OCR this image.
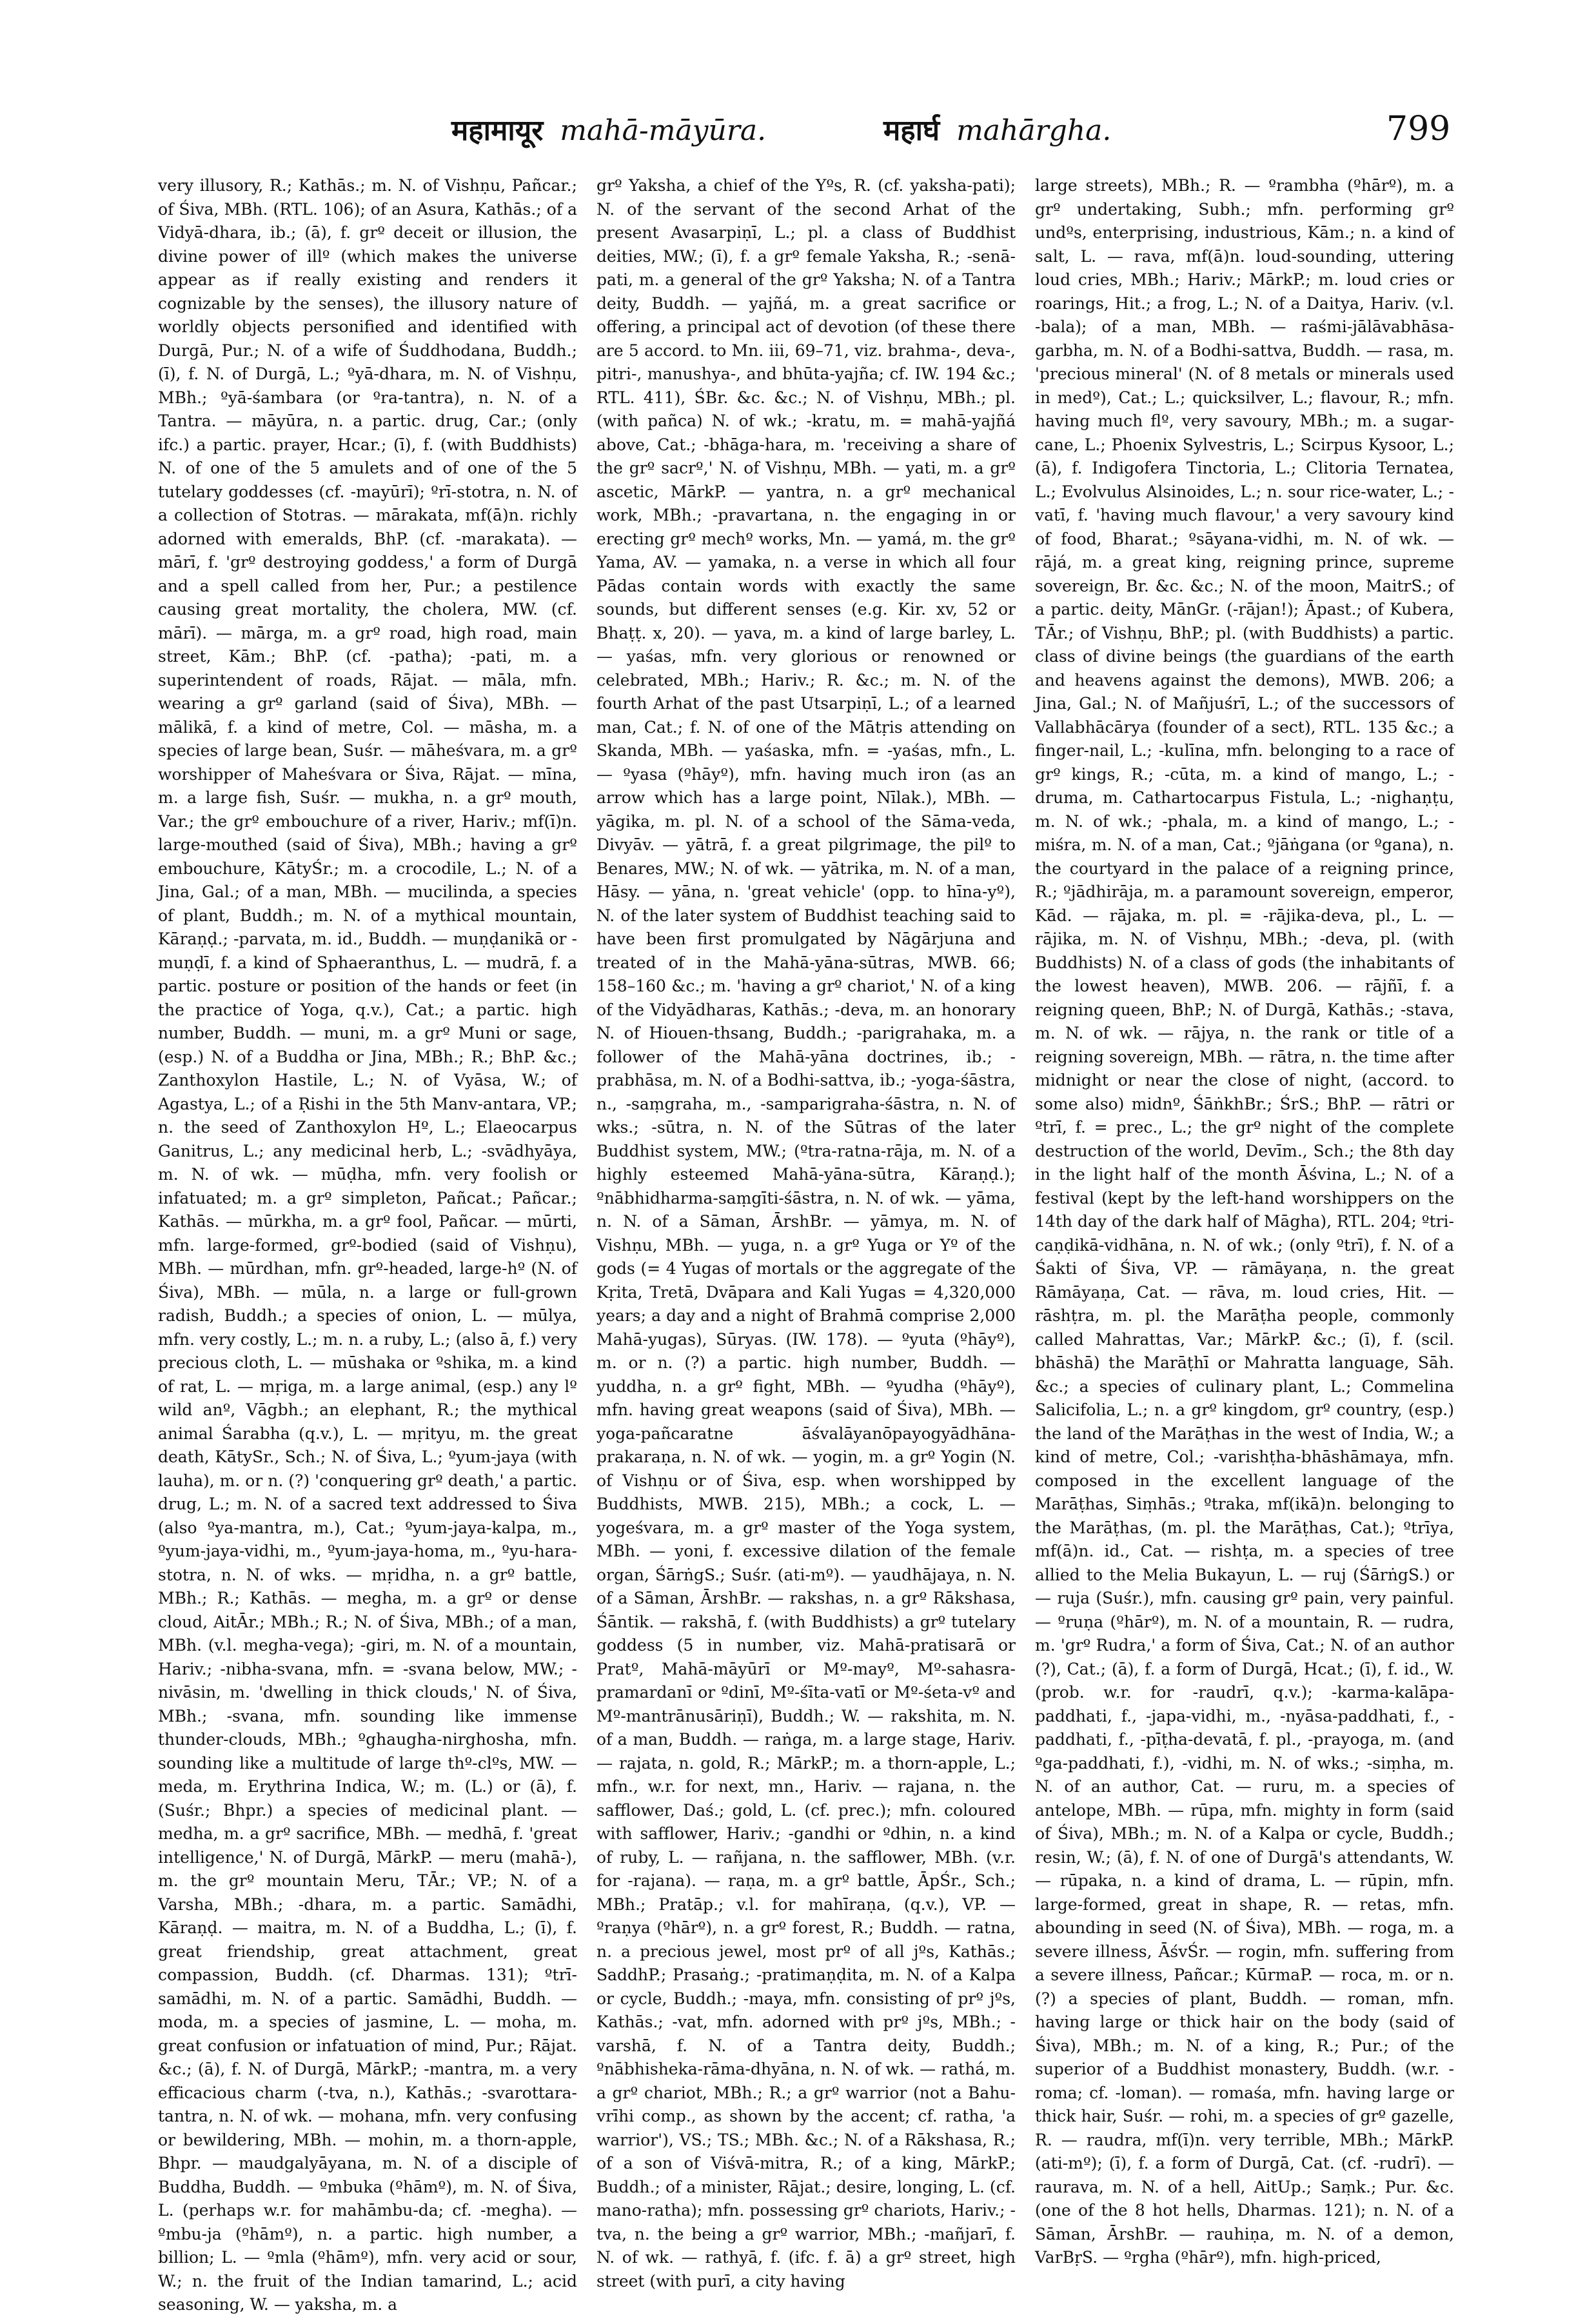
महामायूर mahā-māyūra.	महार्घ mahārgha.	799

very illusory, R.; Kathās.; m. N. of Vishṇu, Pañcar.; of Śiva, MBh. (RTL. 106); of an Asura, Kathās.; of a Vidyā-dhara, ib.; (ā), f. grº deceit or illusion, the divine power of illº (which makes the universe appear as if really existing and renders it cognizable by the senses), the illusory nature of worldly objects personified and identified with Durgā, Pur.; N. of a wife of Śuddhodana, Buddh.; (ī), f. N. of Durgā, L.; ºyā-dhara, m. N. of Vishṇu, MBh.; ºyā-śambara (or ºra-tantra), n. N. of a Tantra. — māyūra, n. a partic. drug, Car.; (only ifc.) a partic. prayer, Hcar.; (ī), f. (with Buddhists) N. of one of the 5 amulets and of one of the 5 tutelary goddesses (cf. -mayūrī); ºrī-stotra, n. N. of a collection of Stotras. — mārakata, mf(ā)n. richly adorned with emeralds, BhP. (cf. -marakata). — mārī, f. 'grº destroying goddess,' a form of Durgā and a spell called from her, Pur.; a pestilence causing great mortality, the cholera, MW. (cf. mārī). — mārga, m. a grº road, high road, main street, Kām.; BhP. (cf. -patha); -pati, m. a superintendent of roads, Rājat. — māla, mfn. wearing a grº garland (said of Śiva), MBh. — mālikā, f. a kind of metre, Col. — māsha, m. a species of large bean, Suśr. — māheśvara, m. a grº worshipper of Maheśvara or Śiva, Rājat. — mīna, m. a large fish, Suśr. — mukha, n. a grº mouth, Var.; the grº embouchure of a river, Hariv.; mf(ī)n. large-mouthed (said of Śiva), MBh.; having a grº embouchure, KātyŚr.; m. a crocodile, L.; N. of a Jina, Gal.; of a man, MBh. — mucilinda, a species of plant, Buddh.; m. N. of a mythical mountain, Kāraṇḍ.; -parvata, m. id., Buddh. — muṇḍanikā or -muṇḍī, f. a kind of Sphaeranthus, L. — mudrā, f. a partic. posture or position of the hands or feet (in the practice of Yoga, q.v.), Cat.; a partic. high number, Buddh. — muni, m. a grº Muni or sage, (esp.) N. of a Buddha or Jina, MBh.; R.; BhP. &c.; Zanthoxylon Hastile, L.; N. of Vyāsa, W.; of Agastya, L.; of a Ṛishi in the 5th Manv-antara, VP.; n. the seed of Zanthoxylon Hº, L.; Elaeocarpus Ganitrus, L.; any medicinal herb, L.; -svādhyāya, m. N. of wk. — mūḍha, mfn. very foolish or infatuated; m. a grº simpleton, Pañcat.; Pañcar.; Kathās. — mūrkha, m. a grº fool, Pañcar. — mūrti, mfn. large-formed, grº-bodied (said of Vishṇu), MBh. — mūrdhan, mfn. grº-headed, large-hº (N. of Śiva), MBh. — mūla, n. a large or full-grown radish, Buddh.; a species of onion, L. — mūlya, mfn. very costly, L.; m. n. a ruby, L.; (also ā, f.) very precious cloth, L. — mūshaka or ºshika, m. a kind of rat, L. — mṛiga, m. a large animal, (esp.) any lº wild anº, Vāgbh.; an elephant, R.; the mythical animal Śarabha (q.v.), L. — mṛityu, m. the great death, KātySr., Sch.; N. of Śiva, L.; ºyum-jaya (with lauha), m. or n. (?) 'conquering grº death,' a partic. drug, L.; m. N. of a sacred text addressed to Śiva (also ºya-mantra, m.), Cat.; ºyum-jaya-kalpa, m., ºyum-jaya-vidhi, m., ºyum-jaya-homa, m., ºyu-hara-stotra, n. N. of wks. — mṛidha, n. a grº battle, MBh.; R.; Kathās. — megha, m. a grº or dense cloud, AitĀr.; MBh.; R.; N. of Śiva, MBh.; of a man, MBh. (v.l. megha-vega); -giri, m. N. of a mountain, Hariv.; -nibha-svana, mfn. = -svana below, MW.; -nivāsin, m. 'dwelling in thick clouds,' N. of Śiva, MBh.; -svana, mfn. sounding like immense thunder-clouds, MBh.; ºghaugha-nirghosha, mfn. sounding like a multitude of large thº-clºs, MW. — meda, m. Erythrina Indica, W.; m. (L.) or (ā), f. (Suśr.; Bhpr.) a species of medicinal plant. — medha, m. a grº sacrifice, MBh. — medhā, f. 'great intelligence,' N. of Durgā, MārkP. — meru (mahā-), m. the grº mountain Meru, TĀr.; VP.; N. of a Varsha, MBh.; -dhara, m. a partic. Samādhi, Kāraṇḍ. — maitra, m. N. of a Buddha, L.; (ī), f. great friendship, great attachment, great compassion, Buddh. (cf. Dharmas. 131); ºtrī-samādhi, m. N. of a partic. Samādhi, Buddh. — moda, m. a species of jasmine, L. — moha, m. great confusion or infatuation of mind, Pur.; Rājat. &c.; (ā), f. N. of Durgā, MārkP.; -mantra, m. a very efficacious charm (-tva, n.), Kathās.; -svarottara-tantra, n. N. of wk. — mohana, mfn. very confusing or bewildering, MBh. — mohin, m. a thorn-apple, Bhpr. — maudgalyāyana, m. N. of a disciple of Buddha, Buddh. — ºmbuka (ºhāmº), m. N. of Śiva, L. (perhaps w.r. for mahāmbu-da; cf. -megha). — ºmbu-ja (ºhāmº), n. a partic. high number, a billion; L. — ºmla (ºhāmº), mfn. very acid or sour, W.; n. the fruit of the Indian tamarind, L.; acid seasoning, W. — yaksha, m. a

grº Yaksha, a chief of the Yºs, R. (cf. yaksha-pati); N. of the servant of the second Arhat of the present Avasarpiṇī, L.; pl. a class of Buddhist deities, MW.; (ī), f. a grº female Yaksha, R.; -senā-pati, m. a general of the grº Yaksha; N. of a Tantra deity, Buddh. — yajñá, m. a great sacrifice or offering, a principal act of devotion (of these there are 5 accord. to Mn. iii, 69–71, viz. brahma-, deva-, pitri-, manushya-, and bhūta-yajña; cf. IW. 194 &c.; RTL. 411), ŚBr. &c. &c.; N. of Vishṇu, MBh.; pl. (with pañca) N. of wk.; -kratu, m. = mahā-yajñá above, Cat.; -bhāga-hara, m. 'receiving a share of the grº sacrº,' N. of Vishṇu, MBh. — yati, m. a grº ascetic, MārkP. — yantra, n. a grº mechanical work, MBh.; -pravartana, n. the engaging in or erecting grº mechº works, Mn. — yamá, m. the grº Yama, AV. — yamaka, n. a verse in which all four Pādas contain words with exactly the same sounds, but different senses (e.g. Kir. xv, 52 or Bhaṭṭ. x, 20). — yava, m. a kind of large barley, L. — yaśas, mfn. very glorious or renowned or celebrated, MBh.; Hariv.; R. &c.; m. N. of the fourth Arhat of the past Utsarpiṇī, L.; of a learned man, Cat.; f. N. of one of the Mātṛis attending on Skanda, MBh. — yaśaska, mfn. = -yaśas, mfn., L. — ºyasa (ºhāyº), mfn. having much iron (as an arrow which has a large point, Nīlak.), MBh. — yāgika, m. pl. N. of a school of the Sāma-veda, Divyāv. — yātrā, f. a great pilgrimage, the pilº to Benares, MW.; N. of wk. — yātrika, m. N. of a man, Hāsy. — yāna, n. 'great vehicle' (opp. to hīna-yº), N. of the later system of Buddhist teaching said to have been first promulgated by Nāgārjuna and treated of in the Mahā-yāna-sūtras, MWB. 66; 158–160 &c.; m. 'having a grº chariot,' N. of a king of the Vidyādharas, Kathās.; -deva, m. an honorary N. of Hiouen-thsang, Buddh.; -parigrahaka, m. a follower of the Mahā-yāna doctrines, ib.; -prabhāsa, m. N. of a Bodhi-sattva, ib.; -yoga-śāstra, n., -saṃgraha, m., -samparigraha-śāstra, n. N. of wks.; -sūtra, n. N. of the Sūtras of the later Buddhist system, MW.; (ºtra-ratna-rāja, m. N. of a highly esteemed Mahā-yāna-sūtra, Kāraṇḍ.); ºnābhidharma-saṃgīti-śāstra, n. N. of wk. — yāma, n. N. of a Sāman, ĀrshBr. — yāmya, m. N. of Vishṇu, MBh. — yuga, n. a grº Yuga or Yº of the gods (= 4 Yugas of mortals or the aggregate of the Kṛita, Tretā, Dvāpara and Kali Yugas = 4,320,000 years; a day and a night of Brahmā comprise 2,000 Mahā-yugas), Sūryas. (IW. 178). — ºyuta (ºhāyº), m. or n. (?) a partic. high number, Buddh. — yuddha, n. a grº fight, MBh. — ºyudha (ºhāyº), mfn. having great weapons (said of Śiva), MBh. — yoga-pañcaratne āśvalāyanōpayogyādhāna-prakaraṇa, n. N. of wk. — yogin, m. a grº Yogin (N. of Vishṇu or of Śiva, esp. when worshipped by Buddhists, MWB. 215), MBh.; a cock, L. — yogeśvara, m. a grº master of the Yoga system, MBh. — yoni, f. excessive dilation of the female organ, ŚārṅgS.; Suśr. (ati-mº). — yaudhājaya, n. N. of a Sāman, ĀrshBr. — rakshas, n. a grº Rākshasa, Śāntik. — rakshā, f. (with Buddhists) a grº tutelary goddess (5 in number, viz. Mahā-pratisarā or Pratº, Mahā-māyūrī or Mº-mayº, Mº-sahasra-pramardanī or ºdinī, Mº-śīta-vatī or Mº-śeta-vº and Mº-mantrānusāriṇī), Buddh.; W. — rakshita, m. N. of a man, Buddh. — raṅga, m. a large stage, Hariv. — rajata, n. gold, R.; MārkP.; m. a thorn-apple, L.; mfn., w.r. for next, mn., Hariv. — rajana, n. the safflower, Daś.; gold, L. (cf. prec.); mfn. coloured with safflower, Hariv.; -gandhi or ºdhin, n. a kind of ruby, L. — rañjana, n. the safflower, MBh. (v.r. for -rajana). — raṇa, m. a grº battle, ĀpŚr., Sch.; MBh.; Pratāp.; v.l. for mahīraṇa, (q.v.), VP. — ºraṇya (ºhārº), n. a grº forest, R.; Buddh. — ratna, n. a precious jewel, most prº of all jºs, Kathās.; SaddhP.; Prasaṅg.; -pratimaṇḍita, m. N. of a Kalpa or cycle, Buddh.; -maya, mfn. consisting of prº jºs, Kathās.; -vat, mfn. adorned with prº jºs, MBh.; -varshā, f. N. of a Tantra deity, Buddh.; ºnābhisheka-rāma-dhyāna, n. N. of wk. — rathá, m. a grº chariot, MBh.; R.; a grº warrior (not a Bahu-vrīhi comp., as shown by the accent; cf. ratha, 'a warrior'), VS.; TS.; MBh. &c.; N. of a Rākshasa, R.; of a son of Viśvā-mitra, R.; of a king, MārkP.; Buddh.; of a minister, Rājat.; desire, longing, L. (cf. mano-ratha); mfn. possessing grº chariots, Hariv.; -tva, n. the being a grº warrior, MBh.; -mañjarī, f. N. of wk. — rathyā, f. (ifc. f. ā) a grº street, high street (with purī, a city having

large streets), MBh.; R. — ºrambha (ºhārº), m. a grº undertaking, Subh.; mfn. performing grº undºs, enterprising, industrious, Kām.; n. a kind of salt, L. — rava, mf(ā)n. loud-sounding, uttering loud cries, MBh.; Hariv.; MārkP.; m. loud cries or roarings, Hit.; a frog, L.; N. of a Daitya, Hariv. (v.l. -bala); of a man, MBh. — raśmi-jālāvabhāsa-garbha, m. N. of a Bodhi-sattva, Buddh. — rasa, m. 'precious mineral' (N. of 8 metals or minerals used in medº), Cat.; L.; quicksilver, L.; flavour, R.; mfn. having much flº, very savoury, MBh.; m. a sugar-cane, L.; Phoenix Sylvestris, L.; Scirpus Kysoor, L.; (ā), f. Indigofera Tinctoria, L.; Clitoria Ternatea, L.; Evolvulus Alsinoides, L.; n. sour rice-water, L.; -vatī, f. 'having much flavour,' a very savoury kind of food, Bharat.; ºsāyana-vidhi, m. N. of wk. — rājá, m. a great king, reigning prince, supreme sovereign, Br. &c. &c.; N. of the moon, MaitrS.; of a partic. deity, MānGr. (-rājan!); Āpast.; of Kubera, TĀr.; of Vishṇu, BhP.; pl. (with Buddhists) a partic. class of divine beings (the guardians of the earth and heavens against the demons), MWB. 206; a Jina, Gal.; N. of Mañjuśrī, L.; of the successors of Vallabhācārya (founder of a sect), RTL. 135 &c.; a finger-nail, L.; -kulīna, mfn. belonging to a race of grº kings, R.; -cūta, m. a kind of mango, L.; -druma, m. Cathartocarpus Fistula, L.; -nighaṇṭu, m. N. of wk.; -phala, m. a kind of mango, L.; -miśra, m. N. of a man, Cat.; ºjāṅgana (or ºgana), n. the courtyard in the palace of a reigning prince, R.; ºjādhirāja, m. a paramount sovereign, emperor, Kād. — rājaka, m. pl. = -rājika-deva, pl., L. — rājika, m. N. of Vishṇu, MBh.; -deva, pl. (with Buddhists) N. of a class of gods (the inhabitants of the lowest heaven), MWB. 206. — rājñī, f. a reigning queen, BhP.; N. of Durgā, Kathās.; -stava, m. N. of wk. — rājya, n. the rank or title of a reigning sovereign, MBh. — rātra, n. the time after midnight or near the close of night, (accord. to some also) midnº, ŚāṅkhBr.; ŚrS.; BhP. — rātri or ºtrī, f. = prec., L.; the grº night of the complete destruction of the world, Devīm., Sch.; the 8th day in the light half of the month Āśvina, L.; N. of a festival (kept by the left-hand worshippers on the 14th day of the dark half of Māgha), RTL. 204; ºtri-caṇḍikā-vidhāna, n. N. of wk.; (only ºtrī), f. N. of a Śakti of Śiva, VP. — rāmāyaṇa, n. the great Rāmāyaṇa, Cat. — rāva, m. loud cries, Hit. — rāshṭra, m. pl. the Marāṭha people, commonly called Mahrattas, Var.; MārkP. &c.; (ī), f. (scil. bhāshā) the Marāṭhī or Mahratta language, Sāh. &c.; a species of culinary plant, L.; Commelina Salicifolia, L.; n. a grº kingdom, grº country, (esp.) the land of the Marāṭhas in the west of India, W.; a kind of metre, Col.; -varishṭha-bhāshāmaya, mfn. composed in the excellent language of the Marāṭhas, Siṃhās.; ºtraka, mf(ikā)n. belonging to the Marāṭhas, (m. pl. the Marāṭhas, Cat.); ºtrīya, mf(ā)n. id., Cat. — rishṭa, m. a species of tree allied to the Melia Bukayun, L. — ruj (ŚārṅgS.) or — ruja (Suśr.), mfn. causing grº pain, very painful. — ºruṇa (ºhārº), m. N. of a mountain, R. — rudra, m. 'grº Rudra,' a form of Śiva, Cat.; N. of an author (?), Cat.; (ā), f. a form of Durgā, Hcat.; (ī), f. id., W. (prob. w.r. for -raudrī, q.v.); -karma-kalāpa-paddhati, f., -japa-vidhi, m., -nyāsa-paddhati, f., -paddhati, f., -pīṭha-devatā, f. pl., -prayoga, m. (and ºga-paddhati, f.), -vidhi, m. N. of wks.; -siṃha, m. N. of an author, Cat. — ruru, m. a species of antelope, MBh. — rūpa, mfn. mighty in form (said of Śiva), MBh.; m. N. of a Kalpa or cycle, Buddh.; resin, W.; (ā), f. N. of one of Durgā's attendants, W. — rūpaka, n. a kind of drama, L. — rūpin, mfn. large-formed, great in shape, R. — retas, mfn. abounding in seed (N. of Śiva), MBh. — roga, m. a severe illness, ĀśvŚr. — rogin, mfn. suffering from a severe illness, Pañcar.; KūrmaP. — roca, m. or n. (?) a species of plant, Buddh. — roman, mfn. having large or thick hair on the body (said of Śiva), MBh.; m. N. of a king, R.; Pur.; of the superior of a Buddhist monastery, Buddh. (w.r. -roma; cf. -loman). — romaśa, mfn. having large or thick hair, Suśr. — rohi, m. a species of grº gazelle, R. — raudra, mf(ī)n. very terrible, MBh.; MārkP. (ati-mº); (ī), f. a form of Durgā, Cat. (cf. -rudrī). — raurava, m. N. of a hell, AitUp.; Saṃk.; Pur. &c. (one of the 8 hot hells, Dharmas. 121); n. N. of a Sāman, ĀrshBr. — rauhiṇa, m. N. of a demon, VarBṛS. — ºrgha (ºhārº), mfn. high-priced,
